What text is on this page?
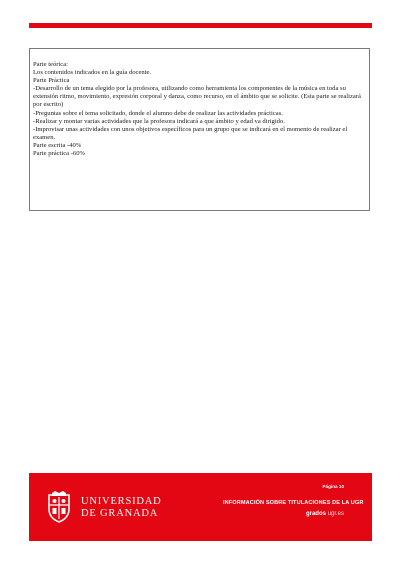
Parte teórica:
Los contenidos indicados en la guía docente.
Parte Práctica
-Desarrollo de un tema elegido por la profesora, utilizando como herramienta los componentes de la música en toda su extensión ritmo, movimiento, expresión corporal y danza, como recurso, en el ámbito que se solicite. (Esta parte se realizará por escrito)
-Preguntas sobre el tema solicitado, donde el alumno debe de realizar las actividades prácticas.
-Realizar y montar varias actividades que la profesora indicará a que ámbito y edad va dirigido.
-Improvisar unas actividades con unos objetivos específicos para un grupo que se indicará en el momento de realizar el examen.
Parte escrita -40%
Parte práctica -60%
UNIVERSIDAD
DE GRANADA
Página 10
INFORMACIÓN SOBRE TITULACIONES DE LA UGR
grados ugr.es
